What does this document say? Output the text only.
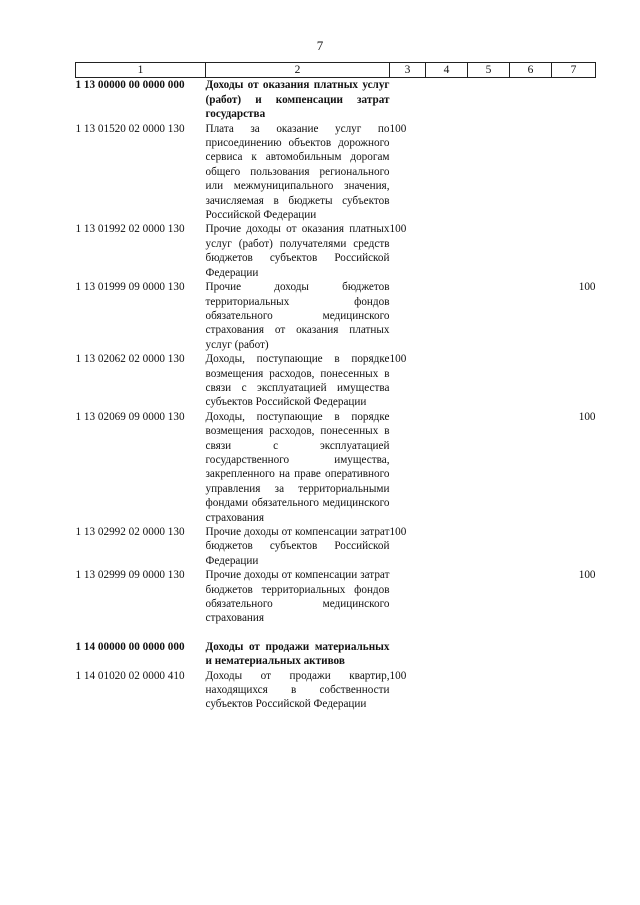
7
1	2	3	4	5	6	7
1 13 00000 00 0000 000	Доходы от оказания платных услуг (работ) и компенсации затрат государства					
1 13 01520 02 0000 130	Плата за оказание услуг по присоединению объектов дорожного сервиса к автомобильным дорогам общего пользования регионального или межмуниципального значения, зачисляемая в бюджеты субъектов Российской Федерации	100				
1 13 01992 02 0000 130	Прочие доходы от оказания платных услуг (работ) получателями средств бюджетов субъектов Российской Федерации	100				
1 13 01999 09 0000 130	Прочие доходы бюджетов территориальных фондов обязательного медицинского страхования от оказания платных услуг (работ)					100
1 13 02062 02 0000 130	Доходы, поступающие в порядке возмещения расходов, понесенных в связи с эксплуатацией имущества субъектов Российской Федерации	100				
1 13 02069 09 0000 130	Доходы, поступающие в порядке возмещения расходов, понесенных в связи с эксплуатацией государственного имущества, закрепленного на праве оперативного управления за территориальными фондами обязательного медицинского страхования					100
1 13 02992 02 0000 130	Прочие доходы от компенсации затрат бюджетов субъектов Российской Федерации	100				
1 13 02999 09 0000 130	Прочие доходы от компенсации затрат бюджетов территориальных фондов обязательного медицинского страхования					100

1 14 00000 00 0000 000	Доходы от продажи материальных и нематериальных активов					
1 14 01020 02 0000 410	Доходы от продажи квартир, находящихся в собственности субъектов Российской Федерации	100				
